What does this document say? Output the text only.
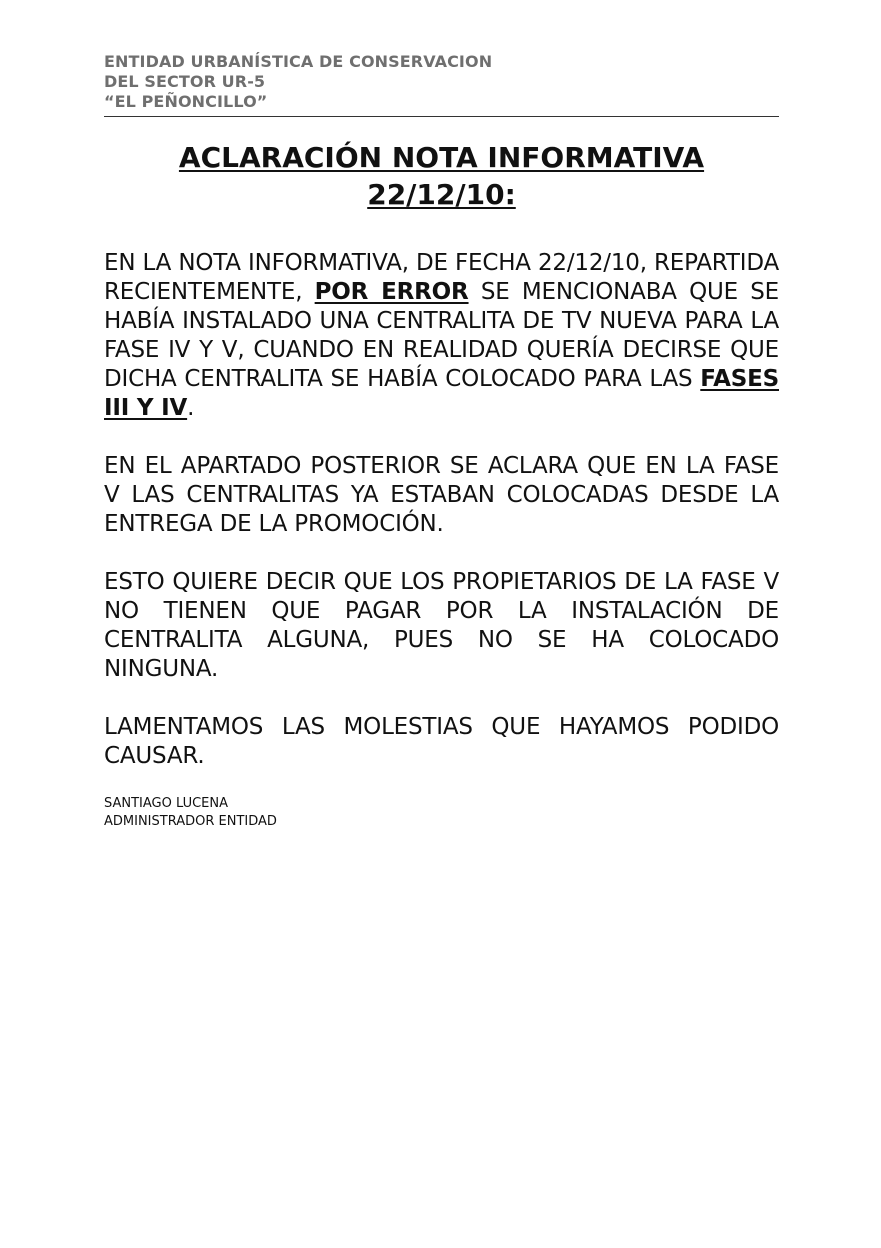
ENTIDAD URBANÍSTICA DE CONSERVACION
DEL SECTOR UR-5
“EL PEÑONCILLO”
ACLARACIÓN NOTA INFORMATIVA
22/12/10:

EN LA NOTA INFORMATIVA, DE FECHA 22/12/10, REPARTIDA RECIENTEMENTE, POR ERROR SE MENCIONABA QUE SE HABÍA INSTALADO UNA CENTRALITA DE TV NUEVA PARA LA FASE IV Y V, CUANDO EN REALIDAD QUERÍA DECIRSE QUE DICHA CENTRALITA SE HABÍA COLOCADO PARA LAS FASES III Y IV.

EN EL APARTADO POSTERIOR SE ACLARA QUE EN LA FASE V LAS CENTRALITAS YA ESTABAN COLOCADAS DESDE LA ENTREGA DE LA PROMOCIÓN.

ESTO QUIERE DECIR QUE LOS PROPIETARIOS DE LA FASE V NO TIENEN QUE PAGAR POR LA INSTALACIÓN DE CENTRALITA ALGUNA, PUES NO SE HA COLOCADO NINGUNA.

LAMENTAMOS LAS MOLESTIAS QUE HAYAMOS PODIDO CAUSAR.

SANTIAGO LUCENA
ADMINISTRADOR ENTIDAD
